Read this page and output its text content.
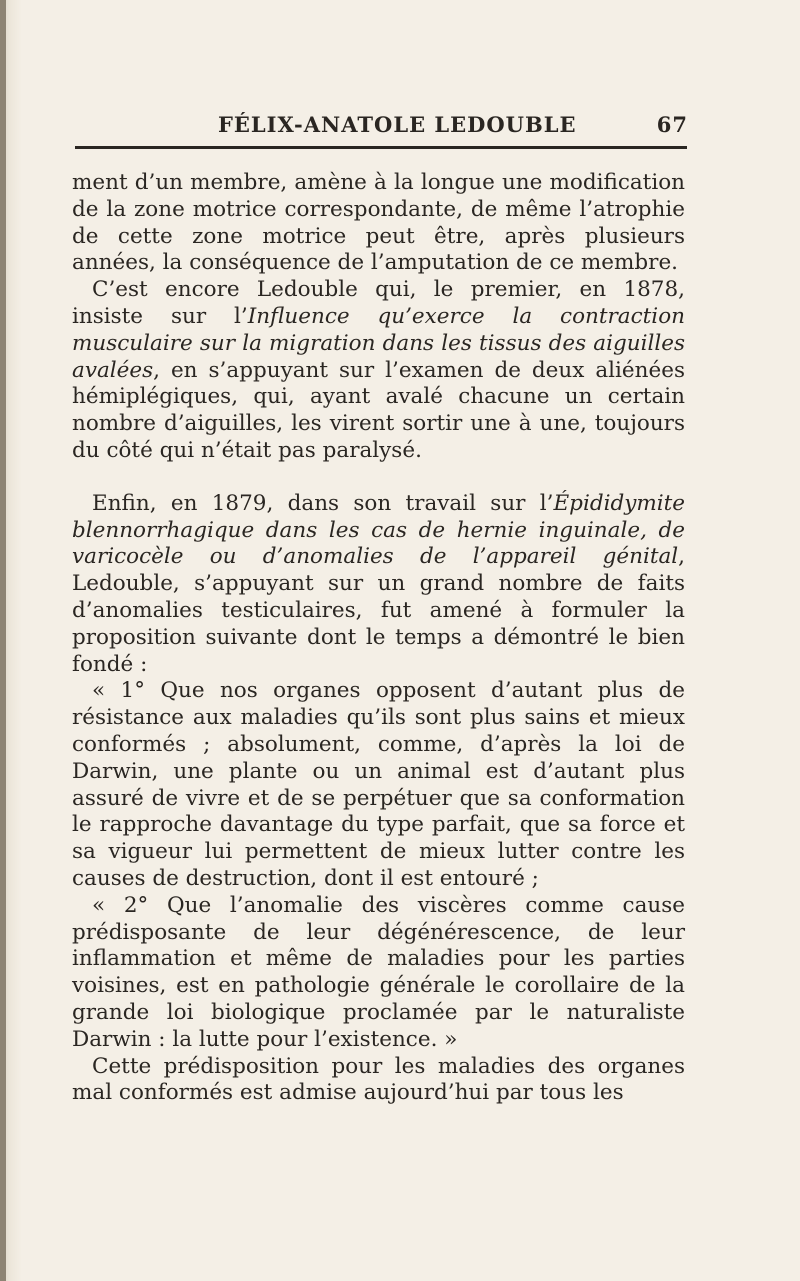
FÉLIX-ANATOLE LEDOUBLE	67

ment d’un membre, amène à la longue une modification de la zone motrice correspondante, de même l’atrophie de cette zone motrice peut être, après plusieurs années, la conséquence de l’amputation de ce membre.

C’est encore Ledouble qui, le premier, en 1878, insiste sur l’Influence qu’exerce la contraction musculaire sur la migration dans les tissus des aiguilles avalées, en s’appuyant sur l’examen de deux aliénées hémiplégiques, qui, ayant avalé chacune un certain nombre d’aiguilles, les virent sortir une à une, toujours du côté qui n’était pas paralysé.

Enfin, en 1879, dans son travail sur l’Épididymite blennorrhagique dans les cas de hernie inguinale, de varicocèle ou d’anomalies de l’appareil génital, Ledouble, s’appuyant sur un grand nombre de faits d’anomalies testiculaires, fut amené à formuler la proposition suivante dont le temps a démontré le bien fondé :

« 1° Que nos organes opposent d’autant plus de résistance aux maladies qu’ils sont plus sains et mieux conformés ; absolument, comme, d’après la loi de Darwin, une plante ou un animal est d’autant plus assuré de vivre et de se perpétuer que sa conformation le rapproche davantage du type parfait, que sa force et sa vigueur lui permettent de mieux lutter contre les causes de destruction, dont il est entouré ;

« 2° Que l’anomalie des viscères comme cause prédisposante de leur dégénérescence, de leur inflammation et même de maladies pour les parties voisines, est en pathologie générale le corollaire de la grande loi biologique proclamée par le naturaliste Darwin : la lutte pour l’existence. »

Cette prédisposition pour les maladies des organes mal conformés est admise aujourd’hui par tous les
